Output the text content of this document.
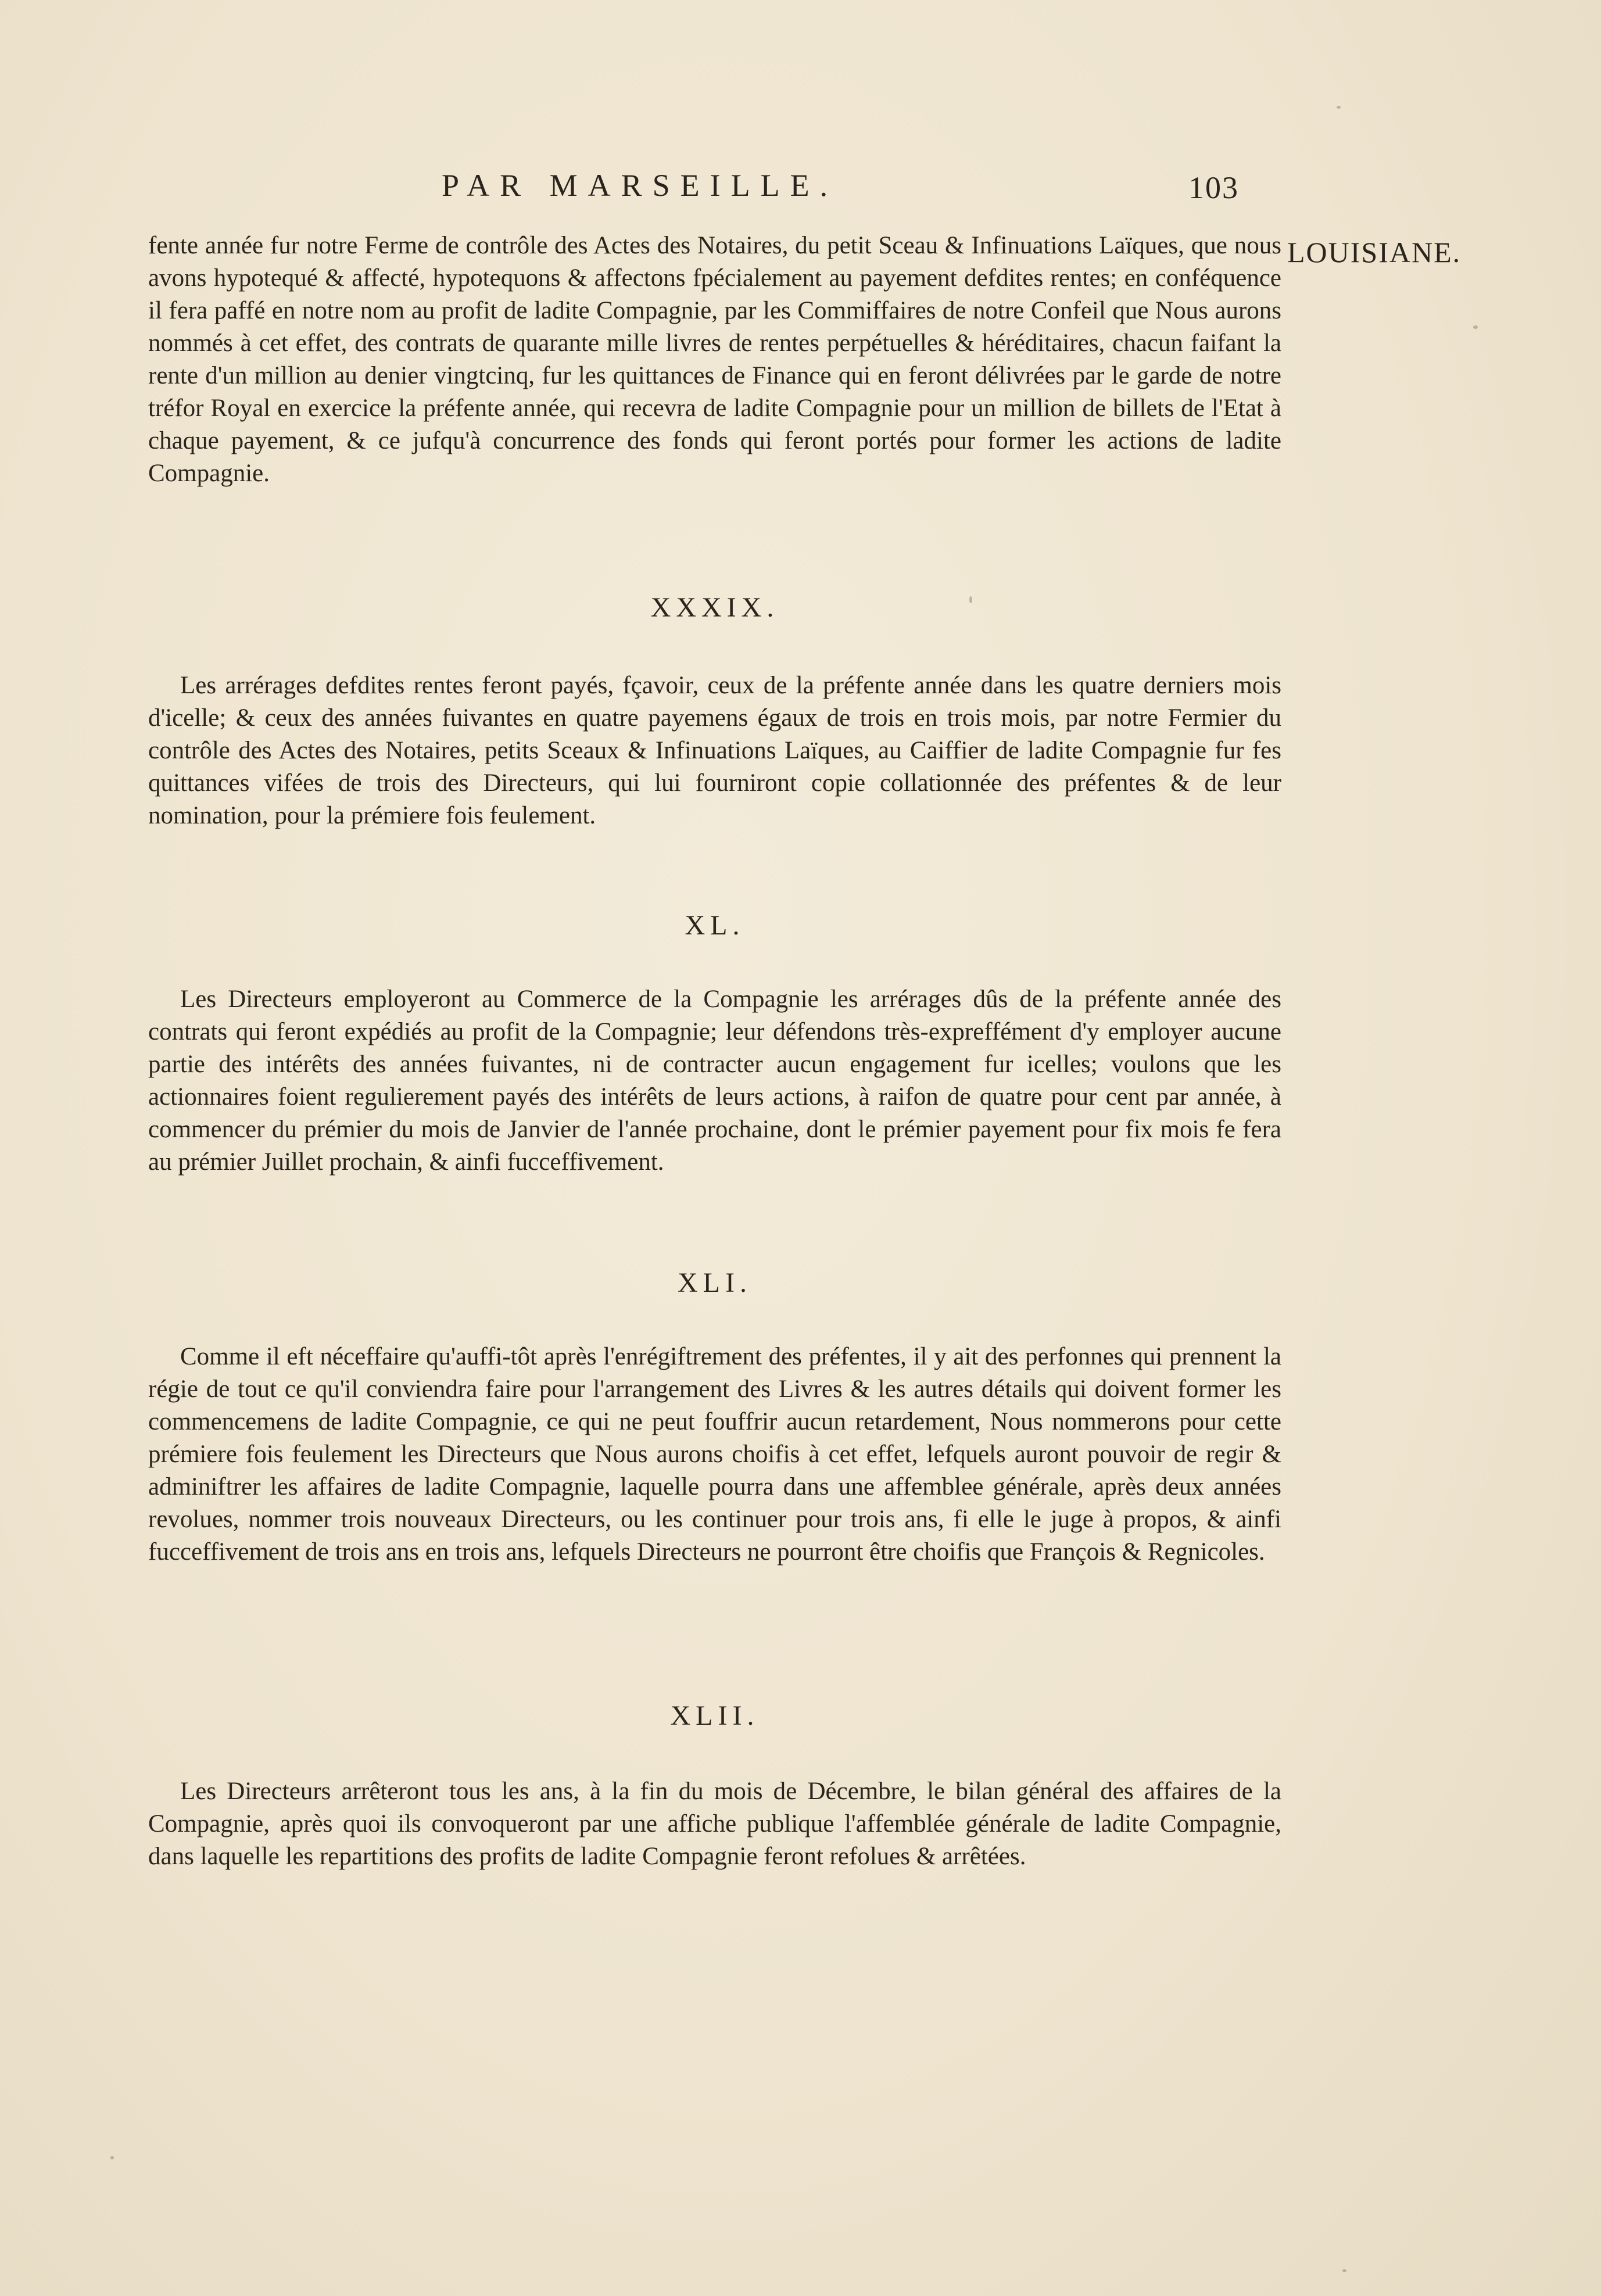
PAR MARSEILLE.	103
LOUISIANE.

fente année fur notre Ferme de contrôle des Actes des Notaires, du petit Sceau & Infinuations Laïques, que nous avons hypotequé & affecté, hypotequons & affectons fpécialement au payement defdites rentes; en conféquence il fera paffé en notre nom au profit de ladite Compagnie, par les Commiffaires de notre Confeil que Nous aurons nommés à cet effet, des contrats de quarante mille livres de rentes perpétuelles & héréditaires, chacun faifant la rente d'un million au denier vingtcinq, fur les quittances de Finance qui en feront délivrées par le garde de notre tréfor Royal en exercice la préfente année, qui recevra de ladite Compagnie pour un million de billets de l'Etat à chaque payement, & ce jufqu'à concurrence des fonds qui feront portés pour former les actions de ladite Compagnie.

XXXIX.

Les arrérages defdites rentes feront payés, fçavoir, ceux de la préfente année dans les quatre derniers mois d'icelle; & ceux des années fuivantes en quatre payemens égaux de trois en trois mois, par notre Fermier du contrôle des Actes des Notaires, petits Sceaux & Infinuations Laïques, au Caiffier de ladite Compagnie fur fes quittances vifées de trois des Directeurs, qui lui fourniront copie collationnée des préfentes & de leur nomination, pour la prémiere fois feulement.

XL.

Les Directeurs employeront au Commerce de la Compagnie les arrérages dûs de la préfente année des contrats qui feront expédiés au profit de la Compagnie; leur défendons très-expreffément d'y employer aucune partie des intérêts des années fuivantes, ni de contracter aucun engagement fur icelles; voulons que les actionnaires foient regulierement payés des intérêts de leurs actions, à raifon de quatre pour cent par année, à commencer du prémier du mois de Janvier de l'année prochaine, dont le prémier payement pour fix mois fe fera au prémier Juillet prochain, & ainfi fucceffivement.

XLI.

Comme il eft néceffaire qu'auffi-tôt après l'enrégiftrement des préfentes, il y ait des perfonnes qui prennent la régie de tout ce qu'il conviendra faire pour l'arrangement des Livres & les autres détails qui doivent former les commencemens de ladite Compagnie, ce qui ne peut fouffrir aucun retardement, Nous nommerons pour cette prémiere fois feulement les Directeurs que Nous aurons choifis à cet effet, lefquels auront pouvoir de regir & adminiftrer les affaires de ladite Compagnie, laquelle pourra dans une affemblee générale, après deux années revolues, nommer trois nouveaux Directeurs, ou les continuer pour trois ans, fi elle le juge à propos, & ainfi fucceffivement de trois ans en trois ans, lefquels Directeurs ne pourront être choifis que François & Regnicoles.

XLII.

Les Directeurs arrêteront tous les ans, à la fin du mois de Décembre, le bilan général des affaires de la Compagnie, après quoi ils convoqueront par une affiche publique l'affemblée générale de ladite Compagnie, dans laquelle les repartitions des profits de ladite Compagnie feront refolues & arrêtées.
